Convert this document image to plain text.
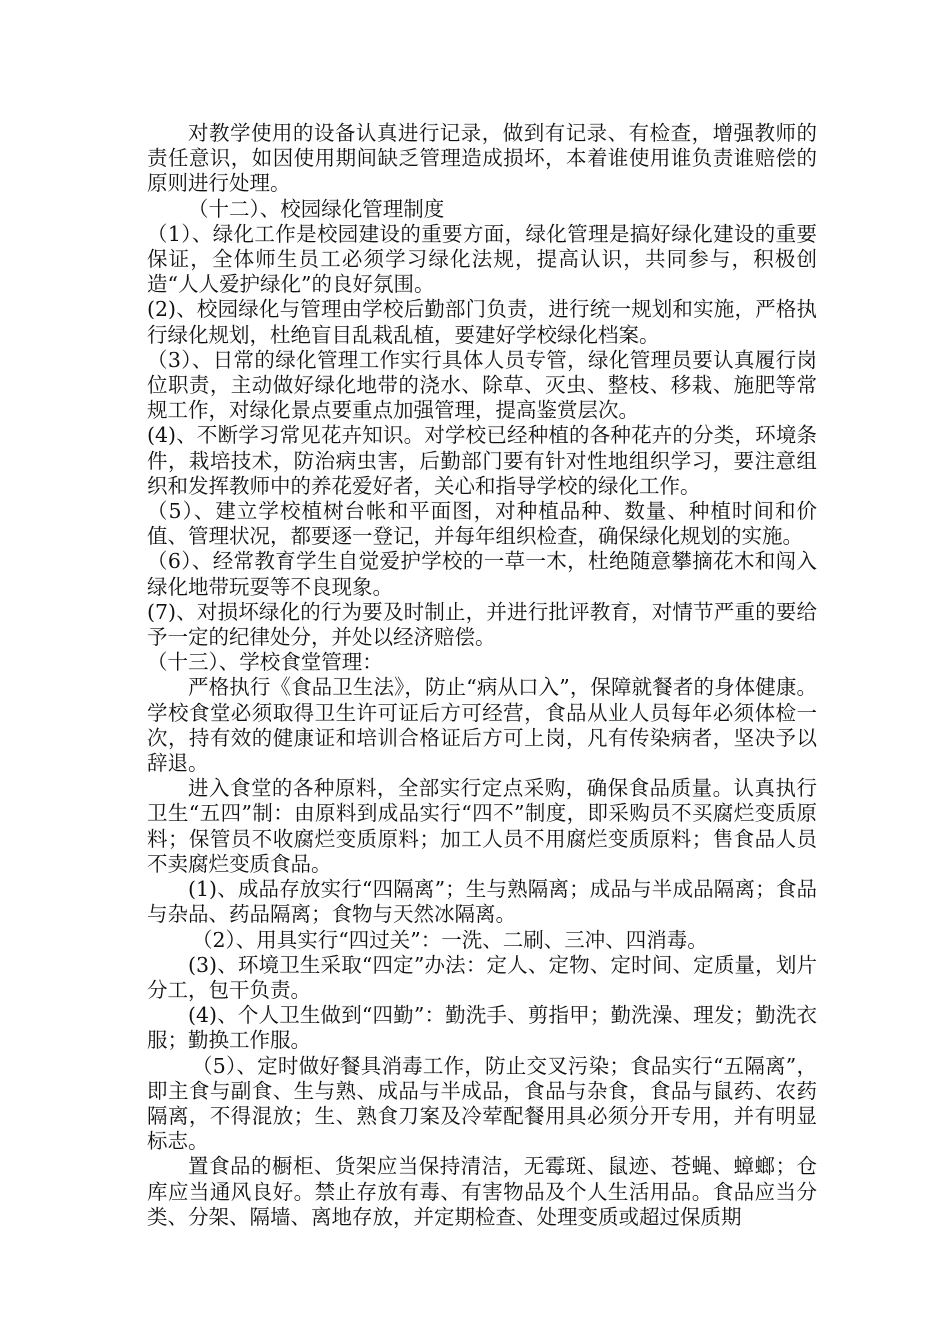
对教学使用的设备认真进行记录，做到有记录、有检查，增强教师的责任意识，如因使用期间缺乏管理造成损坏，本着谁使用谁负责谁赔偿的原则进行处理。

（十二）、校园绿化管理制度

（1）、绿化工作是校园建设的重要方面，绿化管理是搞好绿化建设的重要保证，全体师生员工必须学习绿化法规，提高认识，共同参与，积极创造“人人爱护绿化”的良好氛围。

(2)、校园绿化与管理由学校后勤部门负责，进行统一规划和实施，严格执行绿化规划，杜绝盲目乱栽乱植，要建好学校绿化档案。

（3）、日常的绿化管理工作实行具体人员专管，绿化管理员要认真履行岗位职责，主动做好绿化地带的浇水、除草、灭虫、整枝、移栽、施肥等常规工作，对绿化景点要重点加强管理，提高鉴赏层次。

(4)、不断学习常见花卉知识。对学校已经种植的各种花卉的分类，环境条件，栽培技术，防治病虫害，后勤部门要有针对性地组织学习，要注意组织和发挥教师中的养花爱好者，关心和指导学校的绿化工作。

（5）、建立学校植树台帐和平面图，对种植品种、数量、种植时间和价值、管理状况，都要逐一登记，并每年组织检查，确保绿化规划的实施。

（6）、经常教育学生自觉爱护学校的一草一木，杜绝随意攀摘花木和闯入绿化地带玩耍等不良现象。

(7)、对损坏绿化的行为要及时制止，并进行批评教育，对情节严重的要给予一定的纪律处分，并处以经济赔偿。

（十三）、学校食堂管理：

严格执行《食品卫生法》，防止“病从口入”，保障就餐者的身体健康。学校食堂必须取得卫生许可证后方可经营，食品从业人员每年必须体检一次，持有效的健康证和培训合格证后方可上岗，凡有传染病者，坚决予以辞退。

进入食堂的各种原料，全部实行定点采购，确保食品质量。认真执行卫生“五四”制：由原料到成品实行“四不”制度，即采购员不买腐烂变质原料；保管员不收腐烂变质原料；加工人员不用腐烂变质原料；售食品人员不卖腐烂变质食品。

(1)、成品存放实行“四隔离”；生与熟隔离；成品与半成品隔离；食品与杂品、药品隔离；食物与天然冰隔离。

（2）、用具实行“四过关”：一洗、二刷、三冲、四消毒。

(3)、环境卫生采取“四定”办法：定人、定物、定时间、定质量，划片分工，包干负责。

(4)、个人卫生做到“四勤”：勤洗手、剪指甲；勤洗澡、理发；勤洗衣服；勤换工作服。

（5）、定时做好餐具消毒工作，防止交叉污染；食品实行“五隔离”，即主食与副食、生与熟、成品与半成品，食品与杂食，食品与鼠药、农药隔离，不得混放；生、熟食刀案及冷荤配餐用具必须分开专用，并有明显标志。

置食品的橱柜、货架应当保持清洁，无霉斑、鼠迹、苍蝇、蟑螂；仓库应当通风良好。禁止存放有毒、有害物品及个人生活用品。食品应当分类、分架、隔墙、离地存放，并定期检查、处理变质或超过保质期
